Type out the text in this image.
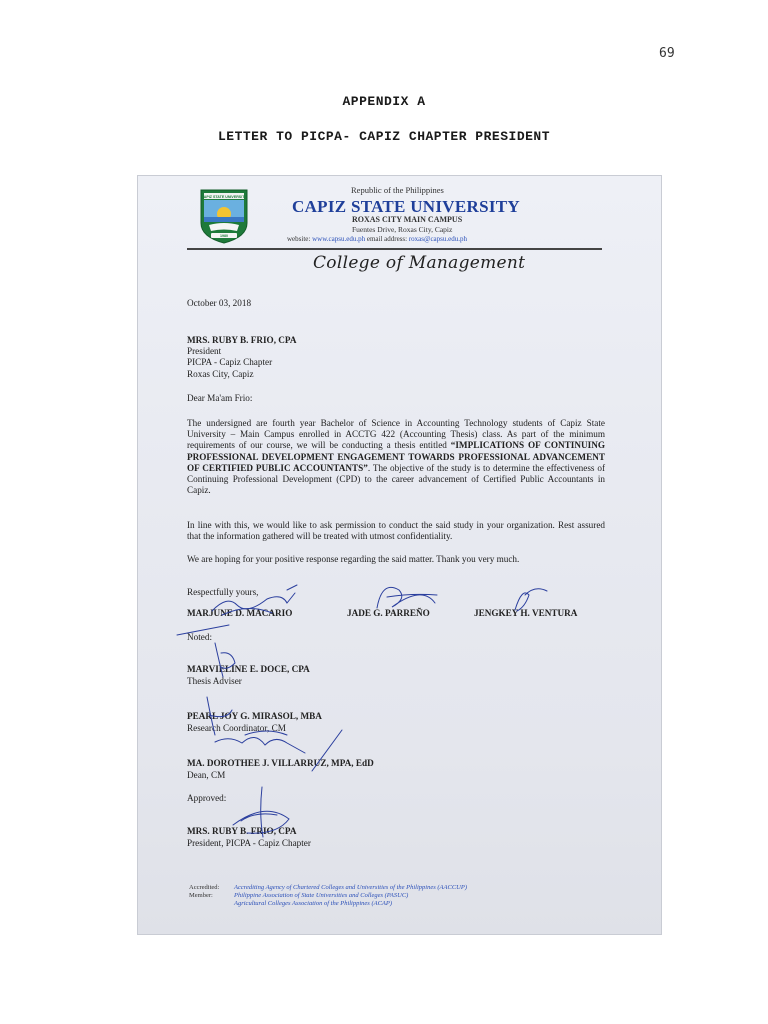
69
APPENDIX A
LETTER TO PICPA- CAPIZ CHAPTER PRESIDENT
CAPIZ STATE UNIVERSITY
1980
Republic of the Philippines
CAPIZ STATE UNIVERSITY
ROXAS CITY MAIN CAMPUS
Fuentes Drive, Roxas City, Capiz
website: www.capsu.edu.ph email address: roxas@capsu.edu.ph
College of Management
October 03, 2018
MRS. RUBY B. FRIO, CPA
President
PICPA - Capiz Chapter
Roxas City, Capiz
Dear Ma'am Frio:
The undersigned are fourth year Bachelor of Science in Accounting Technology students of Capiz State University – Main Campus enrolled in ACCTG 422 (Accounting Thesis) class. As part of the minimum requirements of our course, we will be conducting a thesis entitled “IMPLICATIONS OF CONTINUING PROFESSIONAL DEVELOPMENT ENGAGEMENT TOWARDS PROFESSIONAL ADVANCEMENT OF CERTIFIED PUBLIC ACCOUNTANTS”. The objective of the study is to determine the effectiveness of Continuing Professional Development (CPD) to the career advancement of Certified Public Accountants in Capiz.
In line with this, we would like to ask permission to conduct the said study in your organization. Rest assured that the information gathered will be treated with utmost confidentiality.
We are hoping for your positive response regarding the said matter. Thank you very much.
Respectfully yours,
MARJUNE D. MACARIO	JADE G. PARREÑO	JENGKEY H. VENTURA
Noted:
MARVIELINE E. DOCE, CPA
Thesis Adviser
PEARL JOY G. MIRASOL, MBA
Research Coordinator, CM
MA. DOROTHEE J. VILLARRUZ, MPA, EdD
Dean, CM
Approved:
MRS. RUBY B. FRIO, CPA
President, PICPA - Capiz Chapter
Accredited:
Member:
Accrediting Agency of Chartered Colleges and Universities of the Philippines (AACCUP)
Philippine Association of State Universities and Colleges (PASUC)
Agricultural Colleges Association of the Philippines (ACAP)
